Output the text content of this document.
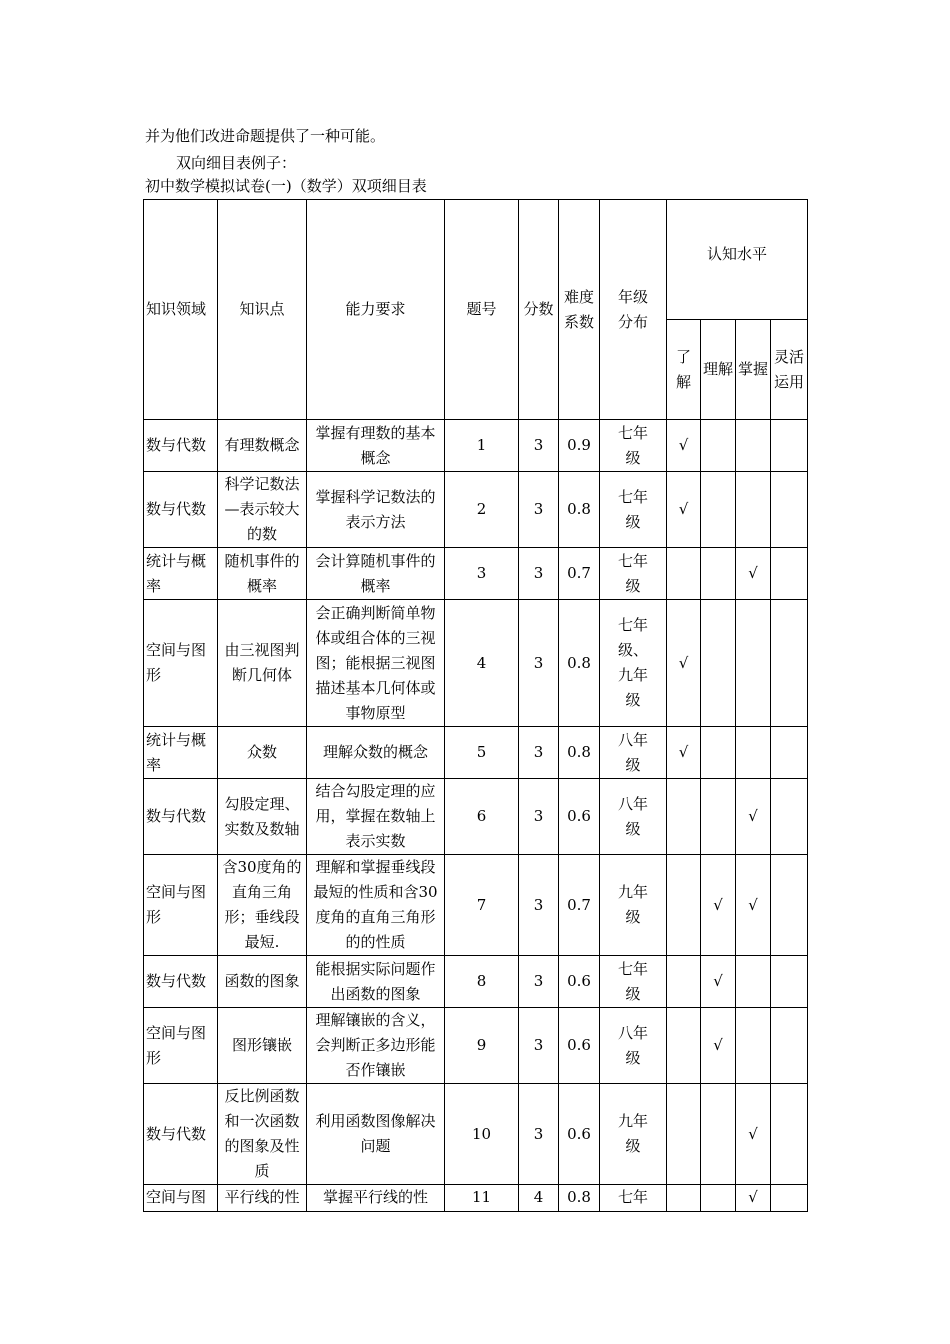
并为他们改进命题提供了一种可能。
双向细目表例子：
初中数学模拟试卷(一)（数学）双项细目表
知识领域	知识点	能力要求	题号	分数	难度系数	年级分布	认知水平			
							了解	理解	掌握	灵活运用
数与代数	有理数概念	掌握有理数的基本概念	1	3	0.9	七年级	√			
数与代数	科学记数法—表示较大的数	掌握科学记数法的表示方法	2	3	0.8	七年级	√			
统计与概率	随机事件的概率	会计算随机事件的概率	3	3	0.7	七年级			√	
空间与图形	由三视图判断几何体	会正确判断简单物体或组合体的三视图；能根据三视图描述基本几何体或事物原型	4	3	0.8	七年级、九年级	√			
统计与概率	众数	理解众数的概念	5	3	0.8	八年级	√			
数与代数	勾股定理、实数及数轴	结合勾股定理的应用，掌握在数轴上表示实数	6	3	0.6	八年级			√	
空间与图形	含30度角的直角三角形；垂线段最短.	理解和掌握垂线段最短的性质和含30度角的直角三角形的的性质	7	3	0.7	九年级		√	√	
数与代数	函数的图象	能根据实际问题作出函数的图象	8	3	0.6	七年级		√		
空间与图形	图形镶嵌	理解镶嵌的含义，会判断正多边形能否作镶嵌	9	3	0.6	八年级		√		
数与代数	反比例函数和一次函数的图象及性质	利用函数图像解决问题	10	3	0.6	九年级			√	
空间与图	平行线的性	掌握平行线的性	11	4	0.8	七年			√	
